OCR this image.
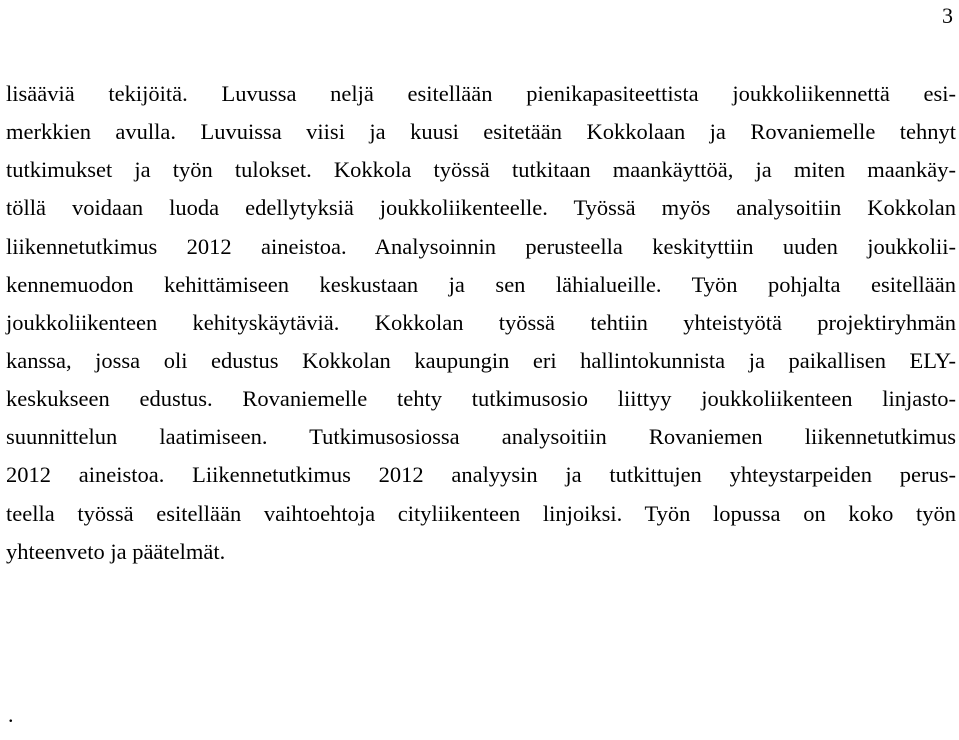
3
lisääviä tekijöitä. Luvussa neljä esitellään pienikapasiteettista joukkoliikennettä esi-
merkkien avulla. Luvuissa viisi ja kuusi esitetään Kokkolaan ja Rovaniemelle tehnyt
tutkimukset ja työn tulokset. Kokkola työssä tutkitaan maankäyttöä, ja miten maankäy-
töllä voidaan luoda edellytyksiä joukkoliikenteelle. Työssä myös analysoitiin Kokkolan
liikennetutkimus 2012 aineistoa. Analysoinnin perusteella keskityttiin uuden joukkolii-
kennemuodon kehittämiseen keskustaan ja sen lähialueille. Työn pohjalta esitellään
joukkoliikenteen kehityskäytäviä. Kokkolan työssä tehtiin yhteistyötä projektiryhmän
kanssa, jossa oli edustus Kokkolan kaupungin eri hallintokunnista ja paikallisen ELY-
keskukseen edustus. Rovaniemelle tehty tutkimusosio liittyy joukkoliikenteen linjasto-
suunnittelun laatimiseen. Tutkimusosiossa analysoitiin Rovaniemen liikennetutkimus
2012 aineistoa. Liikennetutkimus 2012 analyysin ja tutkittujen yhteystarpeiden perus-
teella työssä esitellään vaihtoehtoja cityliikenteen linjoiksi. Työn lopussa on koko työn
yhteenveto ja päätelmät.
.
